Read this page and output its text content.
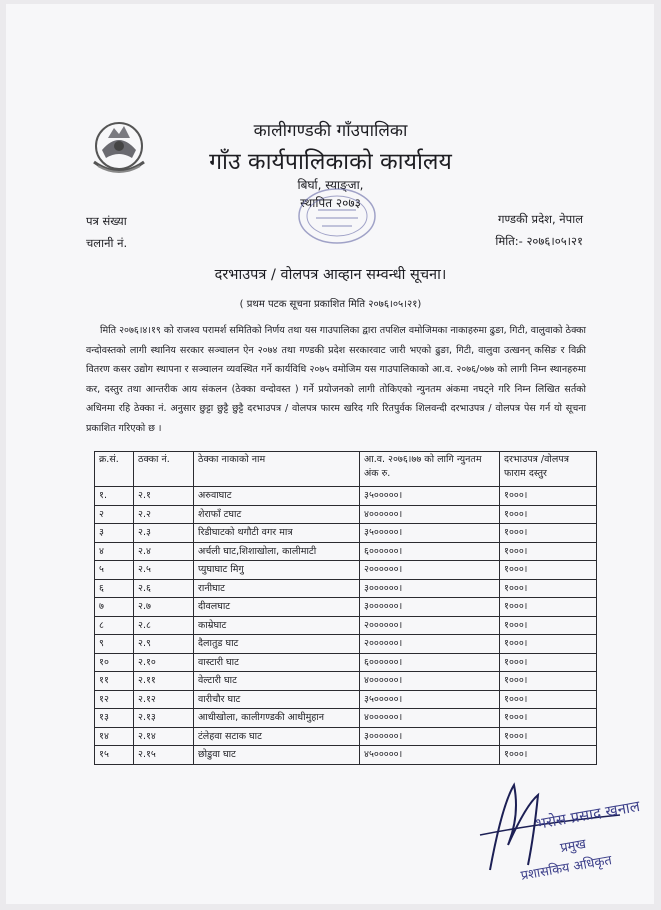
कालीगण्डकी गाँउपालिका
गाँउ कार्यपालिकाको कार्यालय
बिर्घा, स्याङ्जा,
स्थापित २०७३
पत्र संख्या
चलानी नं.
गण्डकी प्रदेश, नेपाल
मिति:- २०७६।०५।२१
दरभाउपत्र / वोलपत्र आव्हान सम्वन्धी सूचना।
( प्रथम पटक सूचना प्रकाशित मिति २०७६।०५।२१)
मिति २०७६।४।१९ को राजश्व परामर्श समितिको निर्णय तथा यस गाउपालिका द्वारा तपशिल वमोजिमका नाकाहरुमा ढुङा, गिटी, वालुवाको ठेक्का वन्दोवस्तको लागी स्थानिय सरकार सञ्चालन ऐन २०७४ तथा गण्डकी प्रदेश सरकारवाट जारी भएको ढुङा, गिटी, वालुवा उत्खनन् कसिङ र विक्री वितरण कसर उद्योग स्थापना र सञ्चालन व्यवस्थित गर्ने कार्यविधि २०७५ वमोजिम यस गाउपालिकाको आ.व. २०७६/०७७ को लागी निम्न स्थानहरुमा कर, दस्तुर तथा आन्तरीक आय संकलन (ठेक्का वन्दोवस्त ) गर्ने प्रयोजनको लागी तोकिएको न्युनतम अंकमा नघट्ने गरि निम्न लिखित सर्तको अधिनमा रहि ठेक्का नं. अनुसार छुट्टा छुट्टै छुट्टै दरभाउपत्र / वोलपत्र फारम खरिद गरि रितपुर्वक शिलवन्दी दरभाउपत्र / वोलपत्र पेस गर्न यो सूचना प्रकाशित गरिएको छ ।
क्र.सं.	ठक्का नं.	ठेक्का नाकाको नाम	आ.व. २०७६।७७ को लागि न्युनतम अंक रु.	दरभाउपत्र /वोलपत्र फाराम दस्तुर
१.	२.१	अरुवाघाट	३५०००००।	१०००।
२	२.२	शेराफाँ टघाट	४००००००।	१०००।
३	२.३	रिडीघाटको थगौटी वगर मात्र	३५०००००।	१०००।
४	२.४	अर्चली घाट,शिशाखोला, कालीमाटी	६००००००।	१०००।
५	२.५	प्युघाघाट मिगु	२००००००।	१०००।
६	२.६	रानीघाट	३००००००।	१०००।
७	२.७	दीवलघाट	३००००००।	१०००।
८	२.८	काम्रेघाट	२००००००।	१०००।
९	२.९	दैलातुड घाट	२००००००।	१०००।
१०	२.१०	वास्टारी घाट	६००००००।	१०००।
११	२.११	वेल्टारी घाट	४००००००।	१०००।
१२	२.१२	वारीचौर घाट	३५०००००।	१०००।
१३	२.१३	आधीखोला, कालीगण्डकी आधीमुहान	४००००००।	१०००।
१४	२.१४	टंलेहवा सटाक घाट	३००००००।	१०००।
१५	२.१५	छोडुवा घाट	४५०००००।	१०००।
भरोस प्रसाद खनाल
प्रमुख
प्रशासकिय अधिकृत
